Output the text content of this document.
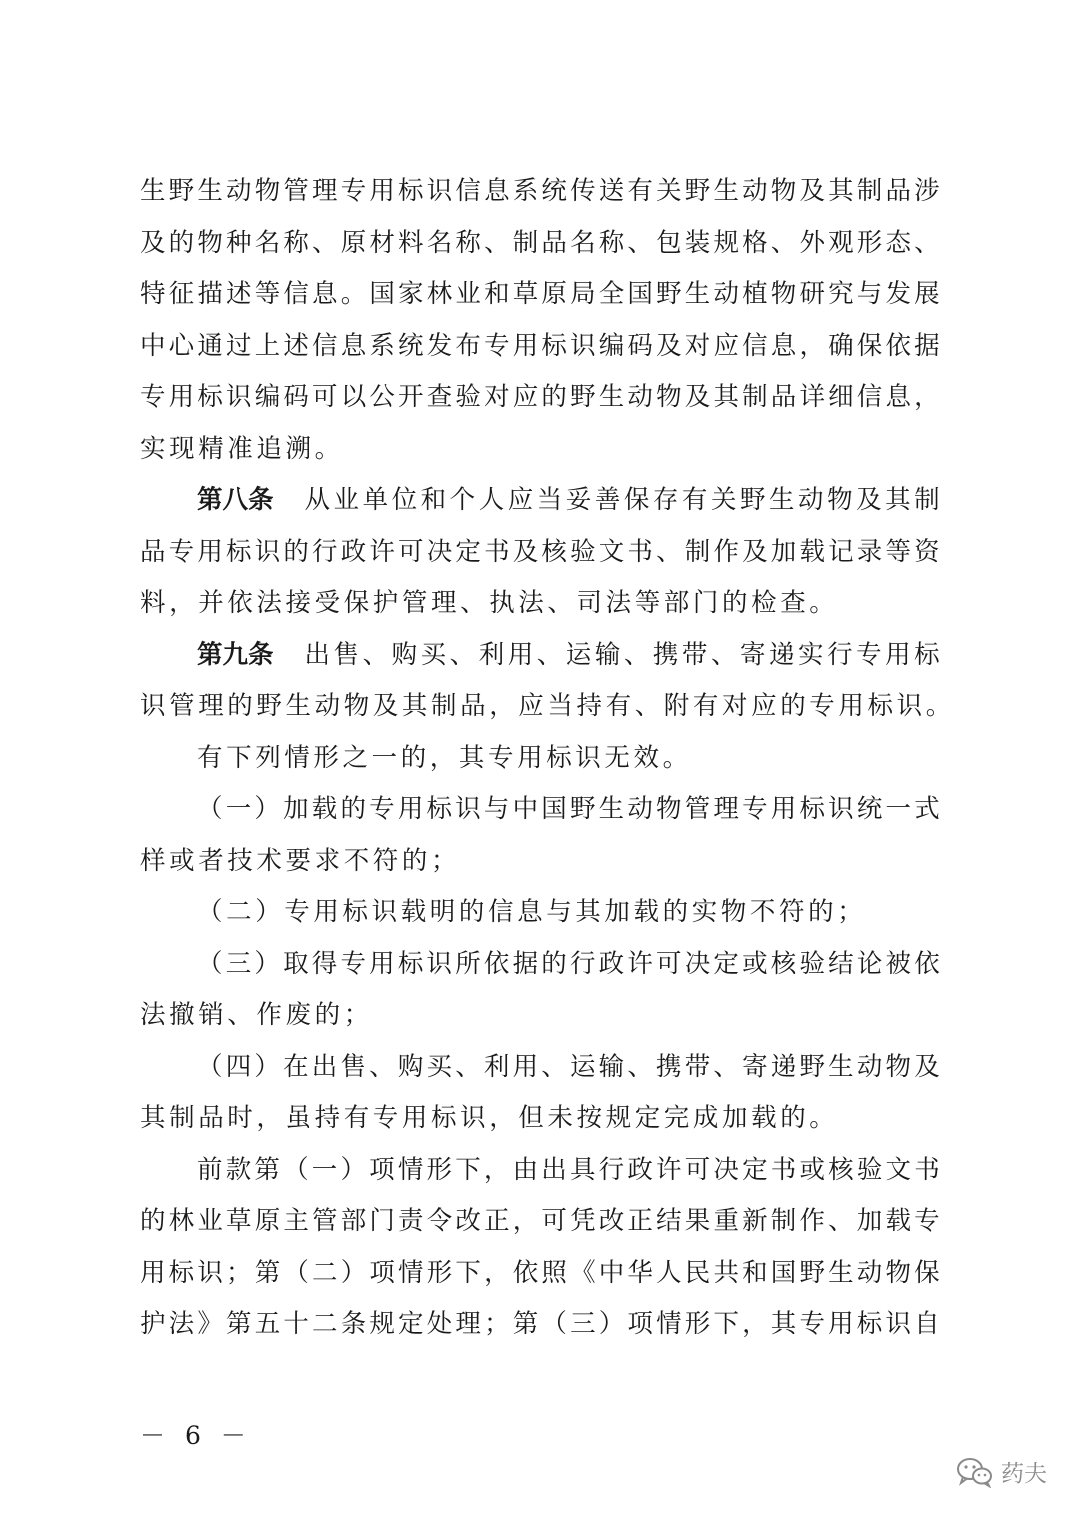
生 野 生 动 物 管 理 专 用 标 识 信 息 系 统 传 送 有 关 野 生 动 物 及 其 制 品 涉
及 的 物 种 名 称 、 原 材 料 名 称 、 制 品 名 称 、 包 装 规 格 、 外 观 形 态 、
特 征 描 述 等 信 息 。 国 家 林 业 和 草 原 局 全 国 野 生 动 植 物 研 究 与 发 展
中 心 通 过 上 述 信 息 系 统 发 布 专 用 标 识 编 码 及 对 应 信 息 ， 确 保 依 据
专 用 标 识 编 码 可 以 公 开 查 验 对 应 的 野 生 动 物 及 其 制 品 详 细 信 息 ，
实现精准追溯。
第八条 从 业 单 位 和 个 人 应 当 妥 善 保 存 有 关 野 生 动 物 及 其 制
品 专 用 标 识 的 行 政 许 可 决 定 书 及 核 验 文 书 、 制 作 及 加 载 记 录 等 资
料，并依法接受保护管理、执法、司法等部门的检查。
第九条 出 售 、 购 买 、 利 用 、 运 输 、 携 带 、 寄 递 实 行 专 用 标
识管理的野生动物及其制品，应当持有、附有对应的专用标识。
有下列情形之一的，其专用标识无效。
（ 一 ） 加 载 的 专 用 标 识 与 中 国 野 生 动 物 管 理 专 用 标 识 统 一 式
样或者技术要求不符的；
（二）专用标识载明的信息与其加载的实物不符的；
（ 三 ） 取 得 专 用 标 识 所 依 据 的 行 政 许 可 决 定 或 核 验 结 论 被 依
法撤销、作废的；
（ 四 ） 在 出 售 、 购 买 、 利 用 、 运 输 、 携 带 、 寄 递 野 生 动 物 及
其制品时，虽持有专用标识，但未按规定完成加载的。
前 款 第 （ 一 ） 项 情 形 下 ， 由 出 具 行 政 许 可 决 定 书 或 核 验 文 书
的 林 业 草 原 主 管 部 门 责 令 改 正 ， 可 凭 改 正 结 果 重 新 制 作 、 加 载 专
用 标 识 ； 第 （ 二 ） 项 情 形 下 ， 依 照 《 中 华 人 民 共 和 国 野 生 动 物 保
护 法 》 第 五 十 二 条 规 定 处 理 ； 第 （ 三 ） 项 情 形 下 ， 其 专 用 标 识 自
－ 6 －
药夫
